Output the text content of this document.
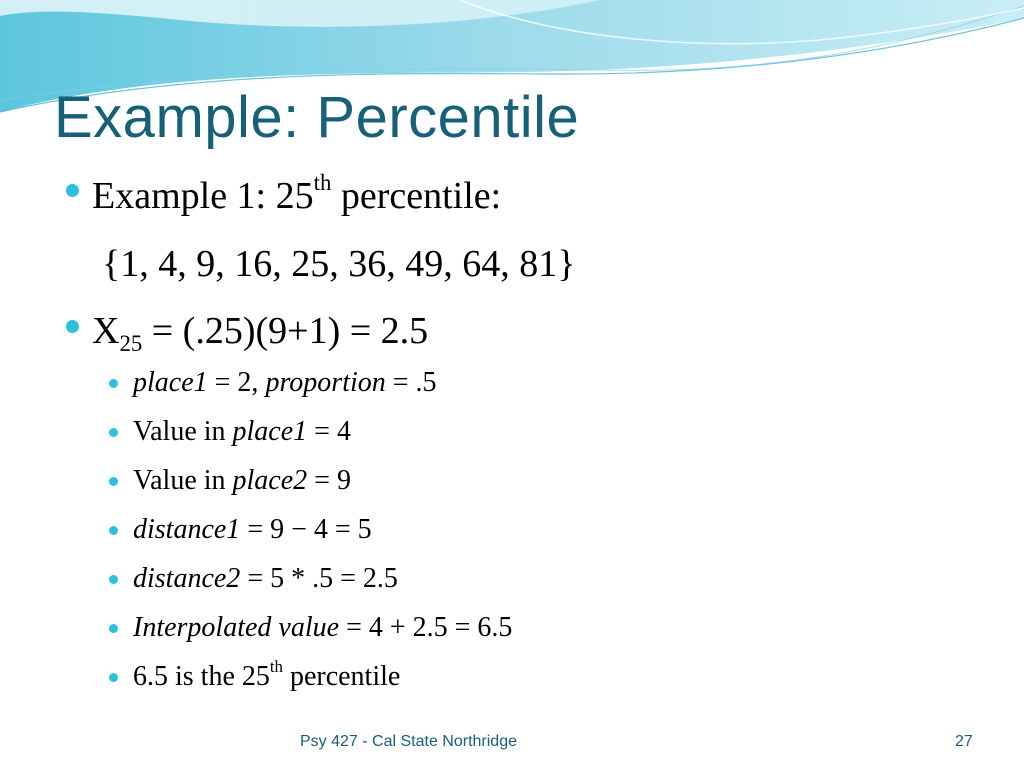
Example: Percentile
Example 1: 25th percentile:
{1, 4, 9, 16, 25, 36, 49, 64, 81}
$X_{25} = (.25)(9+1) = 2.5$
place1 = 2, proportion = .5
Value in place1 = 4
Value in place2 = 9
distance1 = 9 − 4 = 5
distance2 = 5 * .5 = 2.5
Interpolated value = 4 + 2.5 = 6.5
6.5 is the 25th percentile
Psy 427 - Cal State Northridge	27
